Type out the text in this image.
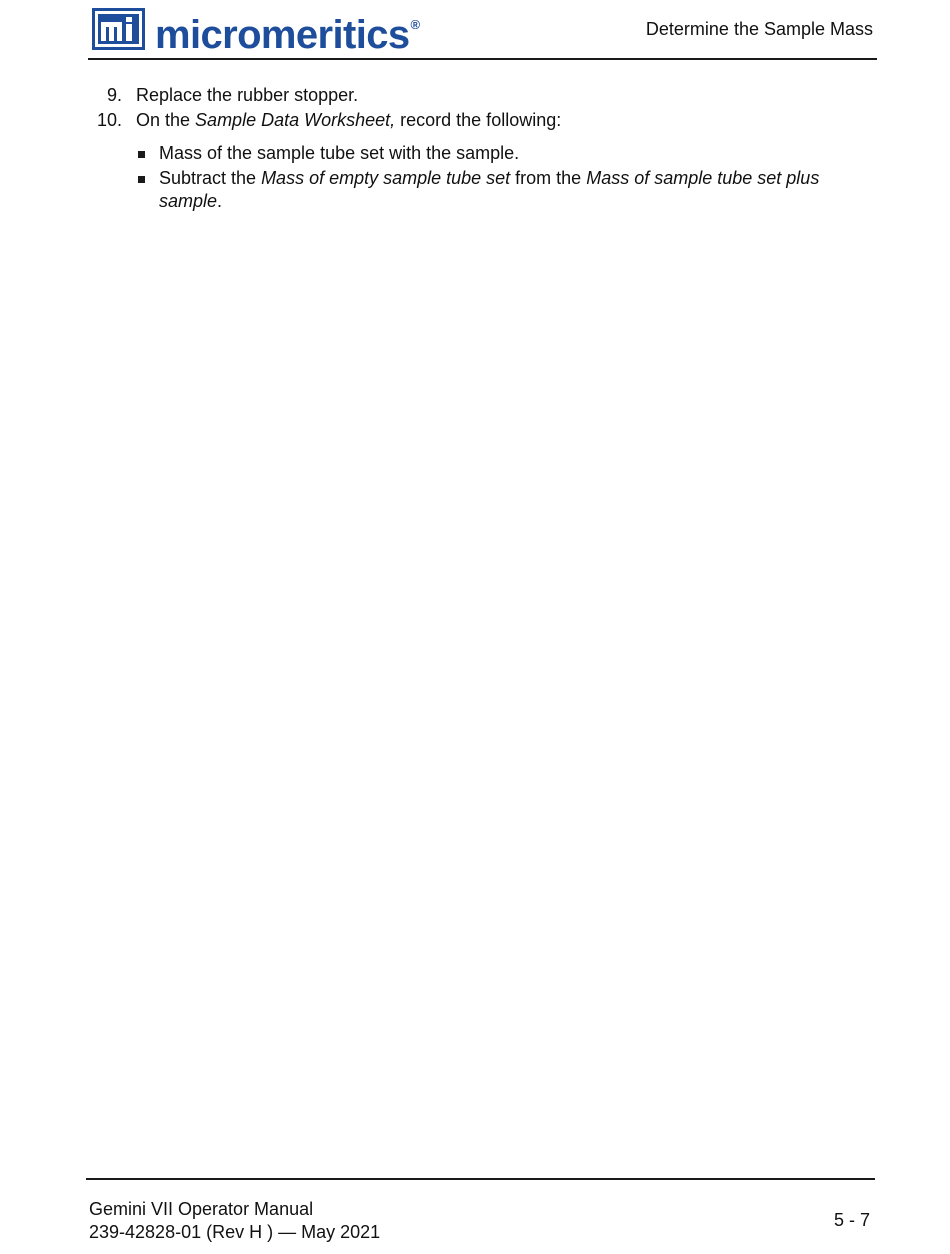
micromeritics ®	Determine the Sample Mass
9. Replace the rubber stopper.
10. On the Sample Data Worksheet, record the following:
Mass of the sample tube set with the sample.
Subtract the Mass of empty sample tube set from the Mass of sample tube set plus sample.
Gemini VII Operator Manual
239-42828-01 (Rev H ) — May 2021
5 - 7
